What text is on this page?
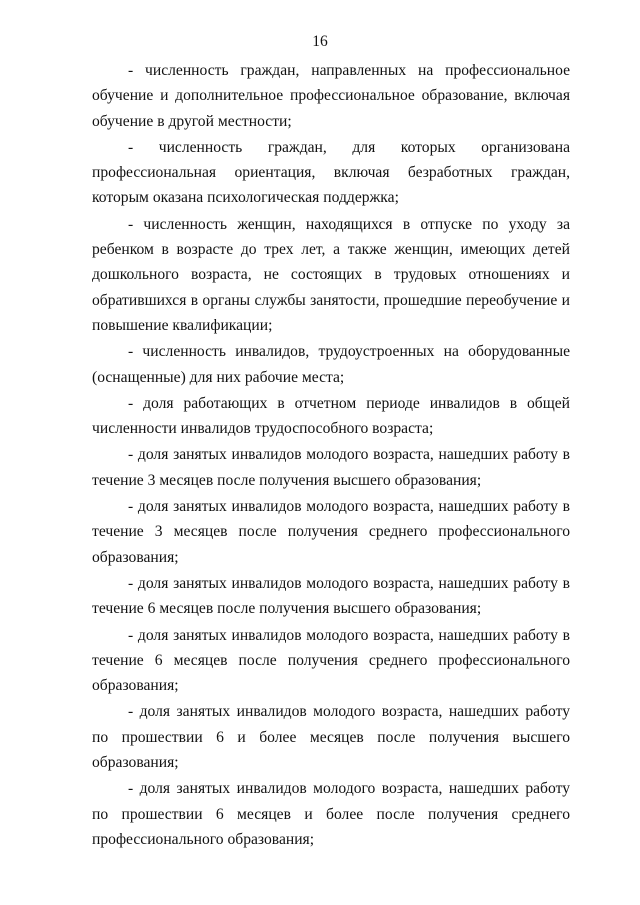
16

- численность граждан, направленных на профессиональное обучение и дополнительное профессиональное образование, включая обучение в другой местности;

- численность граждан, для которых организована профессиональная ориентация, включая безработных граждан, которым оказана психологическая поддержка;

- численность женщин, находящихся в отпуске по уходу за ребенком в возрасте до трех лет, а также женщин, имеющих детей дошкольного возраста, не состоящих в трудовых отношениях и обратившихся в органы службы занятости, прошедшие переобучение и повышение квалификации;

- численность инвалидов, трудоустроенных на оборудованные (оснащенные) для них рабочие места;

- доля работающих в отчетном периоде инвалидов в общей численности инвалидов трудоспособного возраста;

- доля занятых инвалидов молодого возраста, нашедших работу в течение 3 месяцев после получения высшего образования;

- доля занятых инвалидов молодого возраста, нашедших работу в течение 3 месяцев после получения среднего профессионального образования;

- доля занятых инвалидов молодого возраста, нашедших работу в течение 6 месяцев после получения высшего образования;

- доля занятых инвалидов молодого возраста, нашедших работу в течение 6 месяцев после получения среднего профессионального образования;

- доля занятых инвалидов молодого возраста, нашедших работу по прошествии 6 и более месяцев после получения высшего образования;

- доля занятых инвалидов молодого возраста, нашедших работу по прошествии 6 месяцев и более после получения среднего профессионального образования;
